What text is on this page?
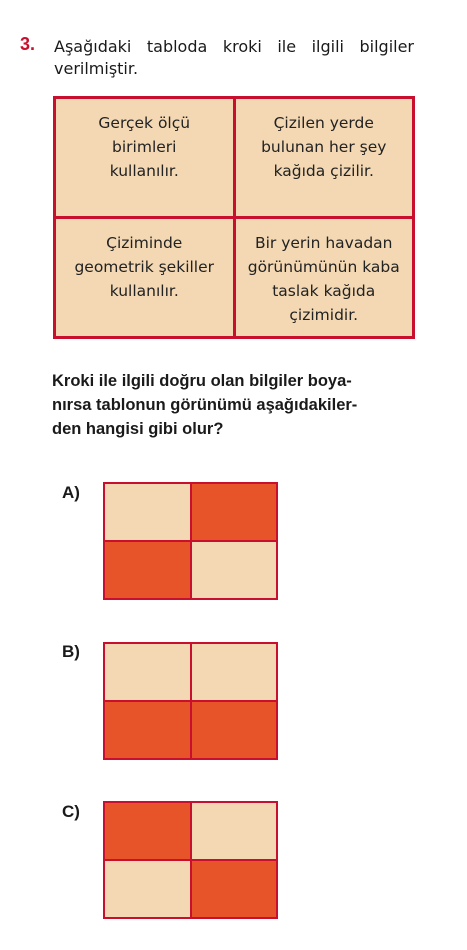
3. Aşağıdaki tabloda kroki ile ilgili bilgiler verilmiştir.
Gerçek ölçü
birimleri
kullanılır.
Çizilen yerde
bulunan her şey
kağıda çizilir.
Çiziminde
geometrik şekiller
kullanılır.
Bir yerin havadan
görünümünün kaba
taslak kağıda
çizimidir.
Kroki ile ilgili doğru olan bilgiler boya-
nırsa tablonun görünümü aşağıdakiler-
den hangisi gibi olur?
A)
B)
C)
